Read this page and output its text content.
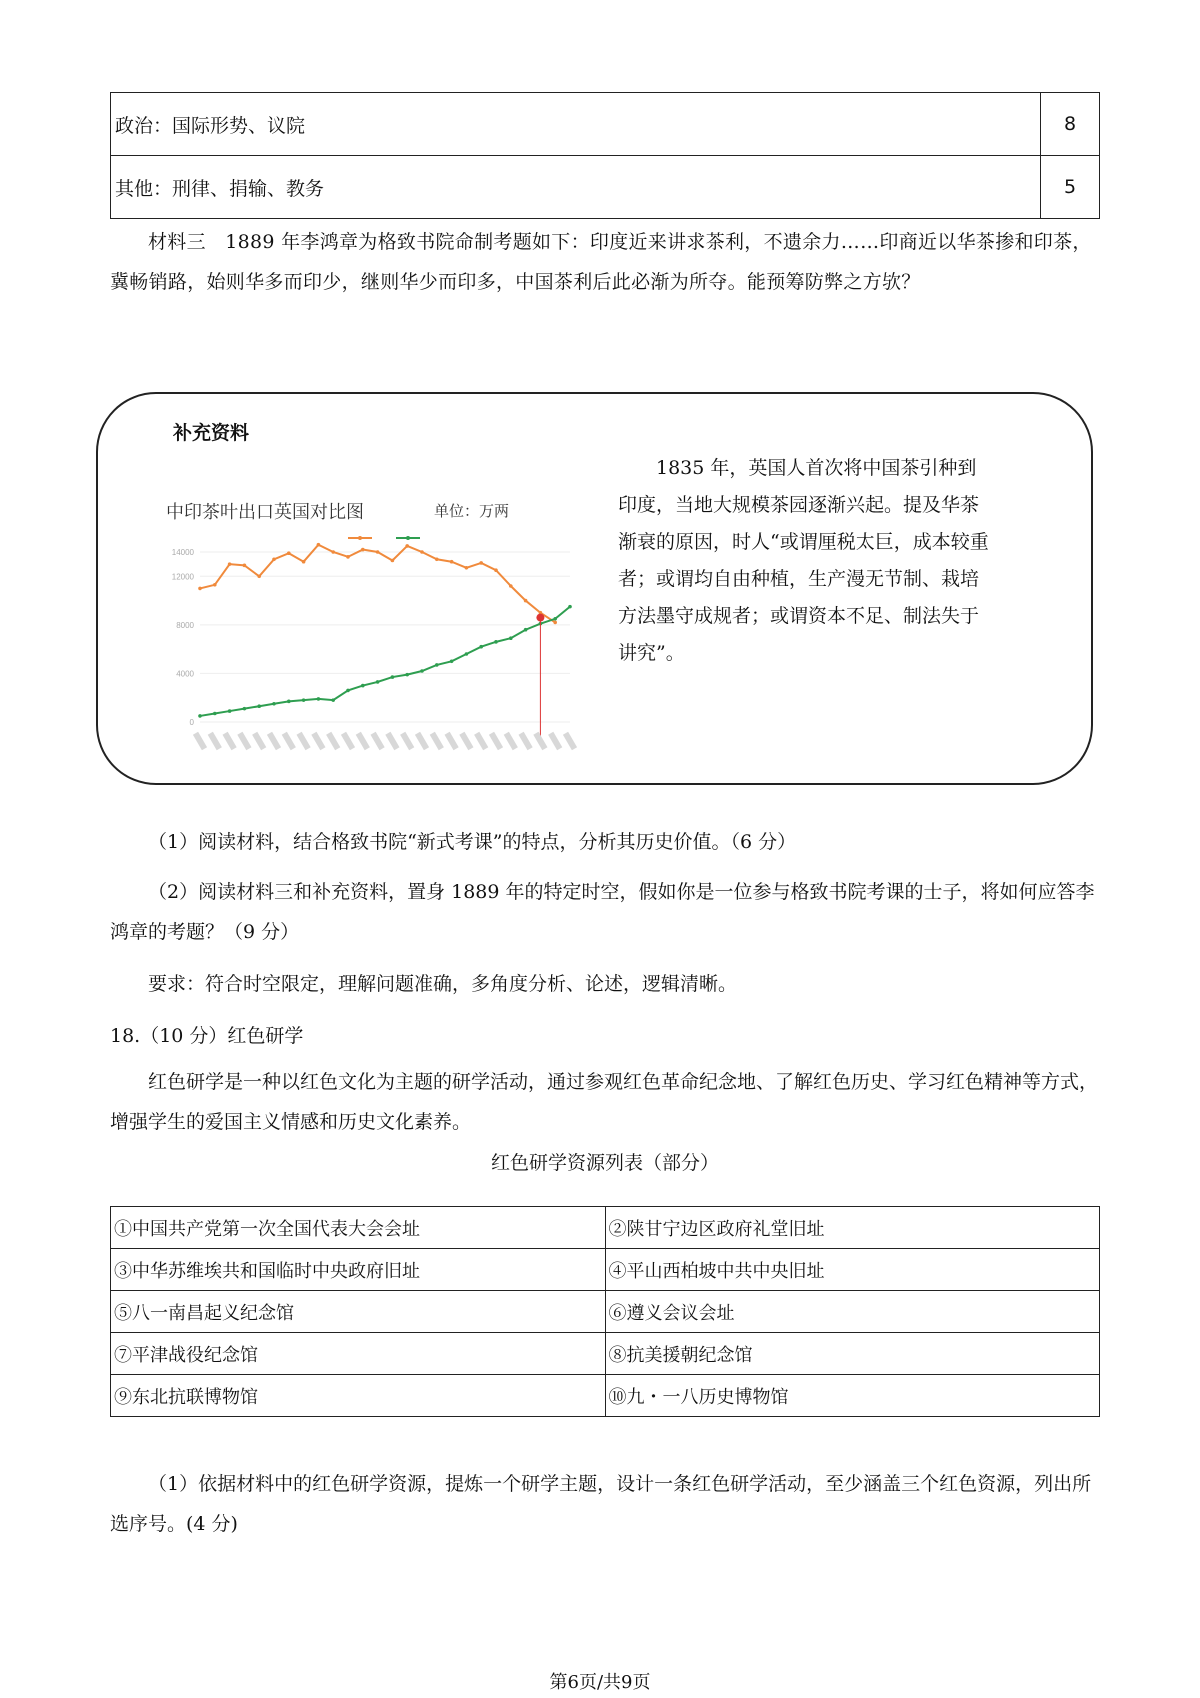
政治：国际形势、议院	8
其他：刑律、捐输、教务	5
材料三　1889 年李鸿章为格致书院命制考题如下：印度近来讲求茶利，不遗余力……印商近以华茶掺和印茶，冀畅销路，始则华多而印少，继则华少而印多，中国茶利后此必渐为所夺。能预筹防弊之方欤？
补充资料
中印茶叶出口英国对比图	单位：万两
0
4000
8000
12000
14000
1835 年，英国人首次将中国茶引种到印度，当地大规模茶园逐渐兴起。提及华茶渐衰的原因，时人“或谓厘税太巨，成本较重者；或谓均自由种植，生产漫无节制、栽培方法墨守成规者；或谓资本不足、制法失于讲究”。
（1）阅读材料，结合格致书院“新式考课”的特点，分析其历史价值。（6 分）
（2）阅读材料三和补充资料，置身 1889 年的特定时空，假如你是一位参与格致书院考课的士子，将如何应答李鸿章的考题？（9 分）
要求：符合时空限定，理解问题准确，多角度分析、论述，逻辑清晰。
18.（10 分）红色研学
红色研学是一种以红色文化为主题的研学活动，通过参观红色革命纪念地、了解红色历史、学习红色精神等方式，增强学生的爱国主义情感和历史文化素养。
红色研学资源列表（部分）
①中国共产党第一次全国代表大会会址	②陕甘宁边区政府礼堂旧址
③中华苏维埃共和国临时中央政府旧址	④平山西柏坡中共中央旧址
⑤八一南昌起义纪念馆	⑥遵义会议会址
⑦平津战役纪念馆	⑧抗美援朝纪念馆
⑨东北抗联博物馆	⑩九・一八历史博物馆
（1）依据材料中的红色研学资源，提炼一个研学主题，设计一条红色研学活动，至少涵盖三个红色资源，列出所选序号。(4 分)
第6页/共9页
